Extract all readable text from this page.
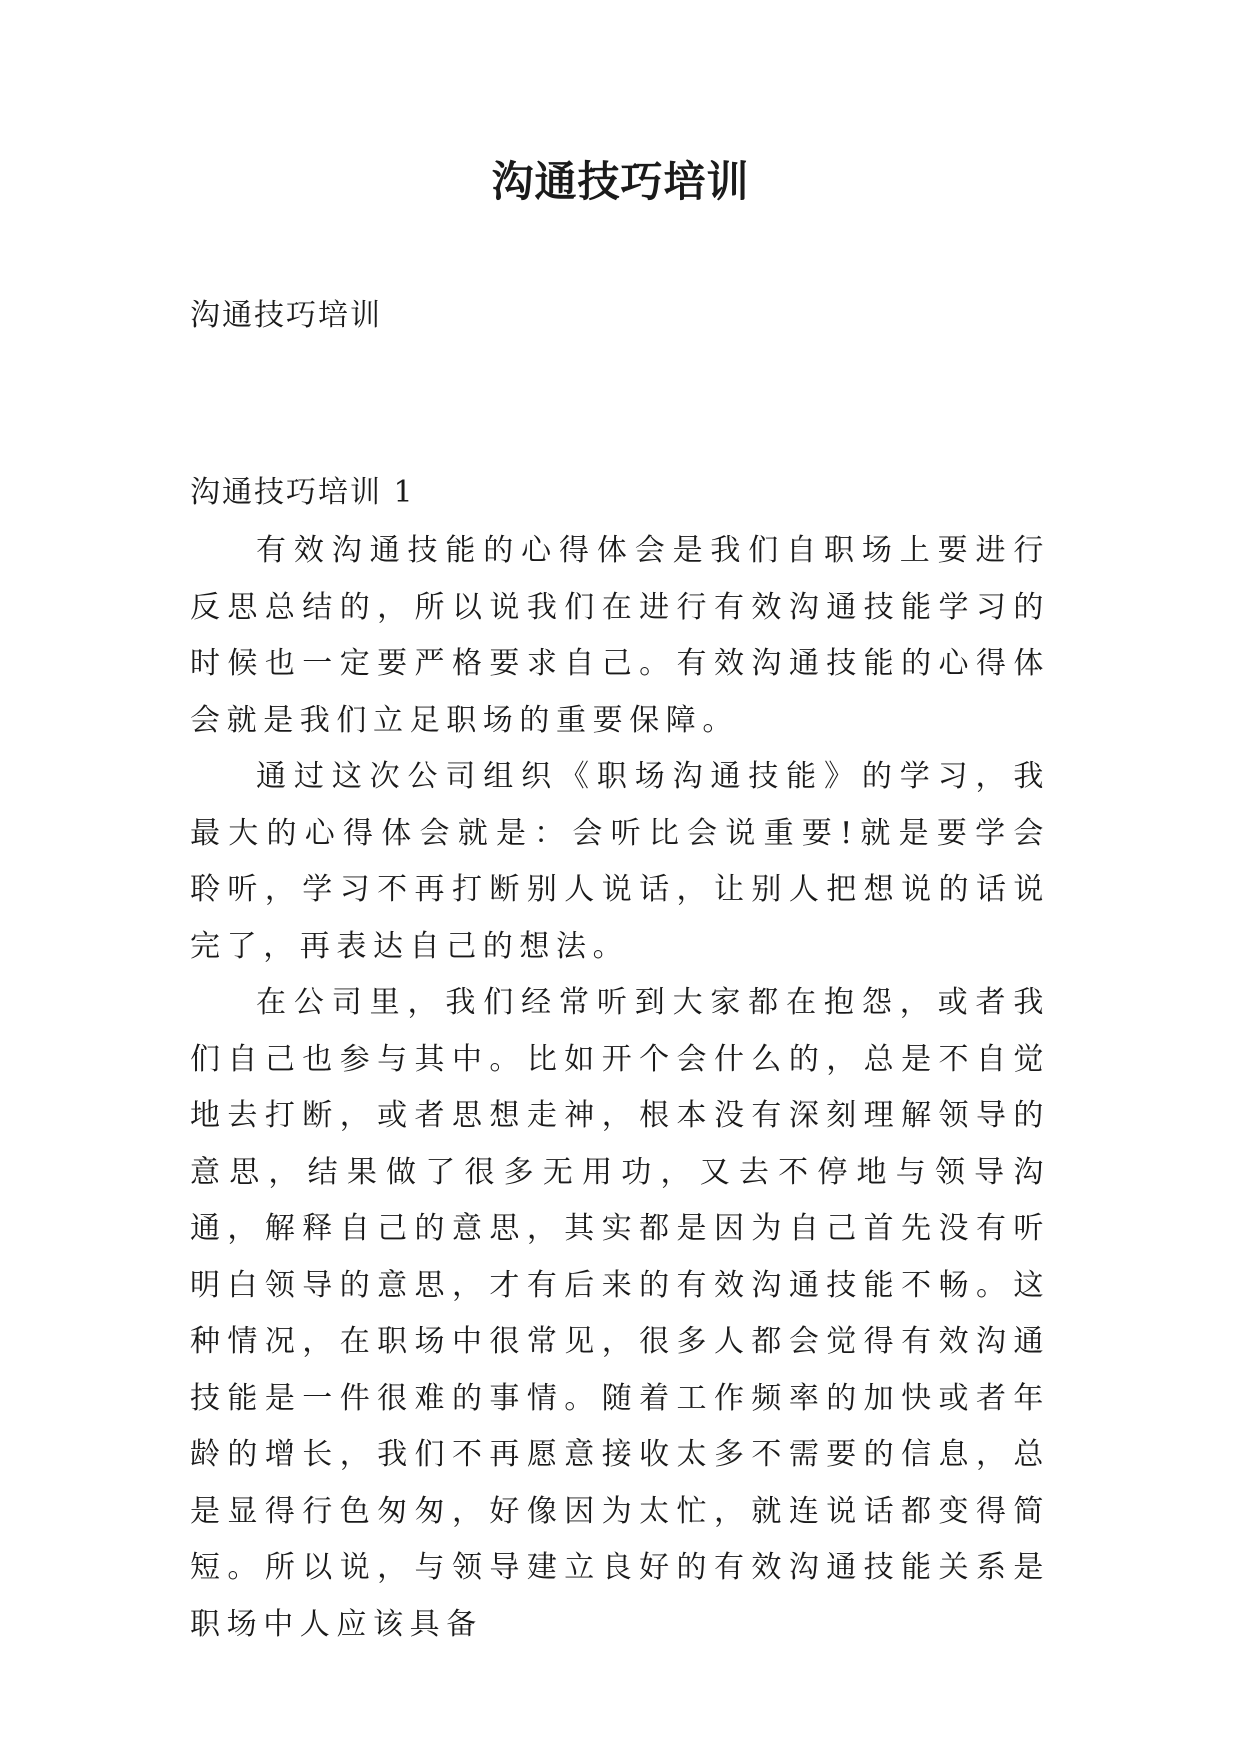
沟通技巧培训

沟通技巧培训

沟通技巧培训 1

有效沟通技能的心得体会是我们自职场上要进行反思总结的，所以说我们在进行有效沟通技能学习的时候也一定要严格要求自己。有效沟通技能的心得体会就是我们立足职场的重要保障。

通过这次公司组织《职场沟通技能》的学习，我最大的心得体会就是：会听比会说重要!就是要学会聆听，学习不再打断别人说话，让别人把想说的话说完了，再表达自己的想法。

在公司里，我们经常听到大家都在抱怨，或者我们自己也参与其中。比如开个会什么的，总是不自觉地去打断，或者思想走神，根本没有深刻理解领导的意思，结果做了很多无用功，又去不停地与领导沟通，解释自己的意思，其实都是因为自己首先没有听明白领导的意思，才有后来的有效沟通技能不畅。这种情况，在职场中很常见，很多人都会觉得有效沟通技能是一件很难的事情。随着工作频率的加快或者年龄的增长，我们不再愿意接收太多不需要的信息，总是显得行色匆匆，好像因为太忙，就连说话都变得简短。所以说，与领导建立良好的有效沟通技能关系是职场中人应该具备
